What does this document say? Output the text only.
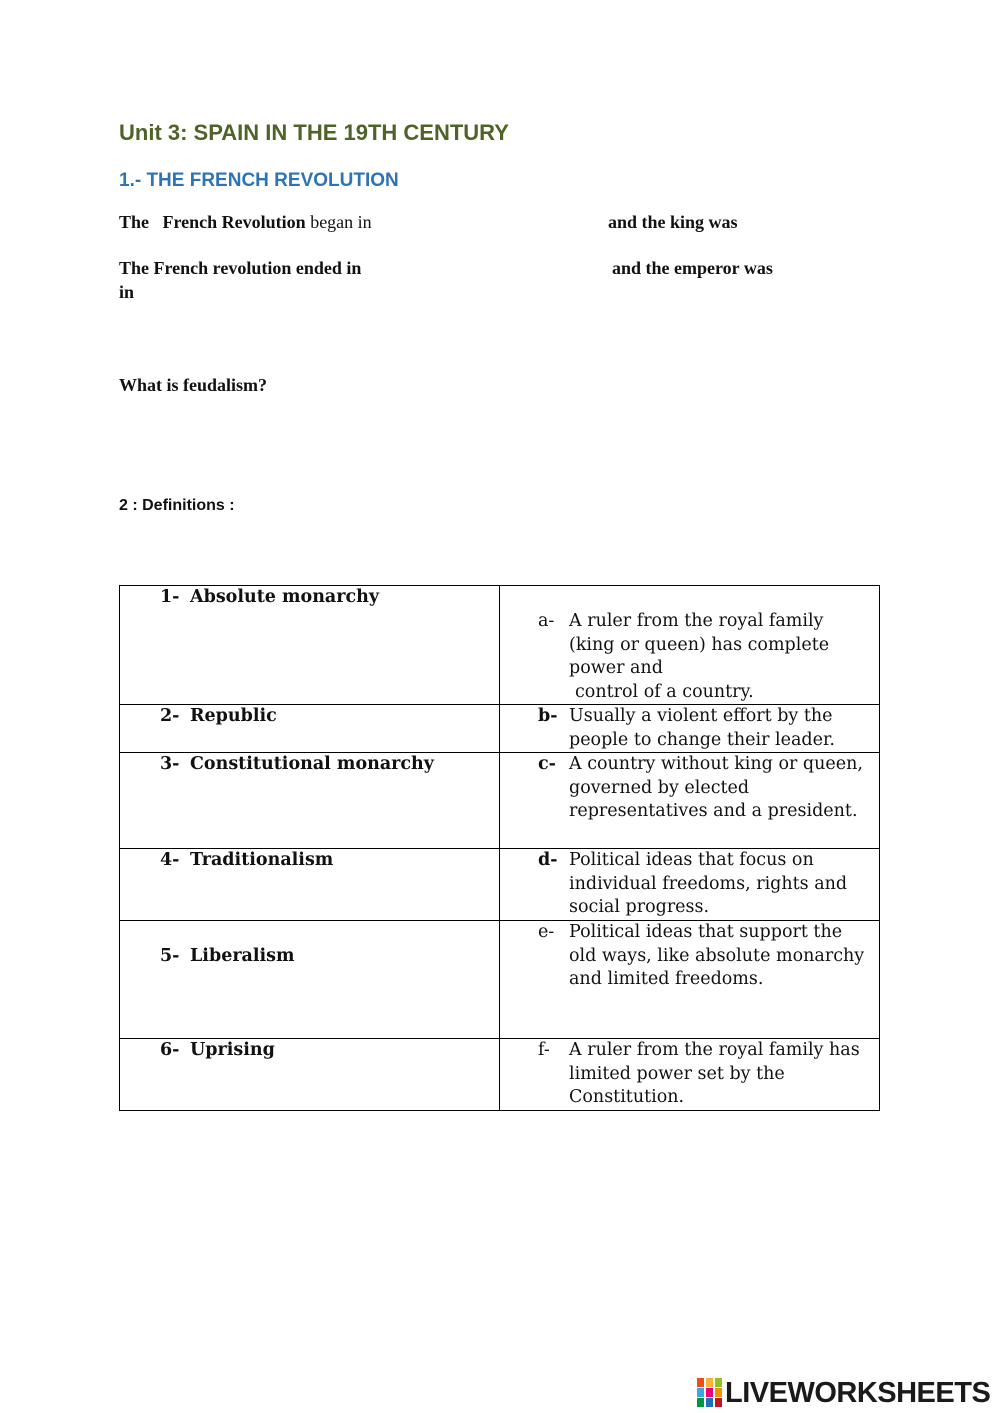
Unit 3: SPAIN IN THE 19TH CENTURY
1.- THE FRENCH REVOLUTION

The French Revolution began in	and the king was

The French revolution ended in	and the emperor was

in

What is feudalism?

2 : Definitions :

1- Absolute monarchy	a- A ruler from the royal family (king or queen) has complete power and
control of a country.

2- Republic	b- Usually a violent effort by the people to change their leader.

3- Constitutional monarchy	c- A country without king or queen, governed by elected representatives and a president.

4- Traditionalism	d- Political ideas that focus on individual freedoms, rights and social progress.

5- Liberalism	e- Political ideas that support the old ways, like absolute monarchy and limited freedoms.

6- Uprising	f- A ruler from the royal family has limited power set by the Constitution.
LIVEWORKSHEETS
